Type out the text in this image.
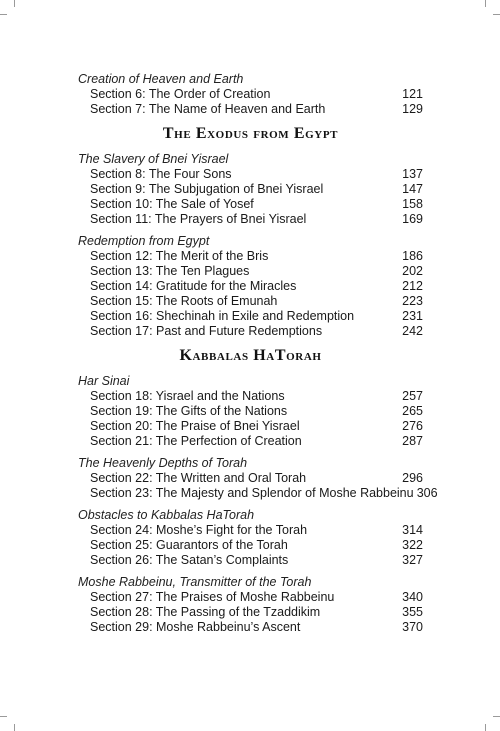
Creation of Heaven and Earth

Section 6: The Order of Creation	121
Section 7: The Name of Heaven and Earth	129
The Exodus from Egypt

The Slavery of Bnei Yisrael

Section 8: The Four Sons	137
Section 9: The Subjugation of Bnei Yisrael	147
Section 10: The Sale of Yosef	158
Section 11: The Prayers of Bnei Yisrael	169

Redemption from Egypt

Section 12: The Merit of the Bris	186
Section 13: The Ten Plagues	202
Section 14: Gratitude for the Miracles	212
Section 15: The Roots of Emunah	223
Section 16: Shechinah in Exile and Redemption	231
Section 17: Past and Future Redemptions	242
Kabbalas HaTorah

Har Sinai

Section 18: Yisrael and the Nations	257
Section 19: The Gifts of the Nations	265
Section 20: The Praise of Bnei Yisrael	276
Section 21: The Perfection of Creation	287

The Heavenly Depths of Torah

Section 22: The Written and Oral Torah	296
Section 23: The Majesty and Splendor of Moshe Rabbeinu 306

Obstacles to Kabbalas HaTorah

Section 24: Moshe’s Fight for the Torah	314
Section 25: Guarantors of the Torah	322
Section 26: The Satan’s Complaints	327

Moshe Rabbeinu, Transmitter of the Torah

Section 27: The Praises of Moshe Rabbeinu	340
Section 28: The Passing of the Tzaddikim	355
Section 29: Moshe Rabbeinu’s Ascent	370
